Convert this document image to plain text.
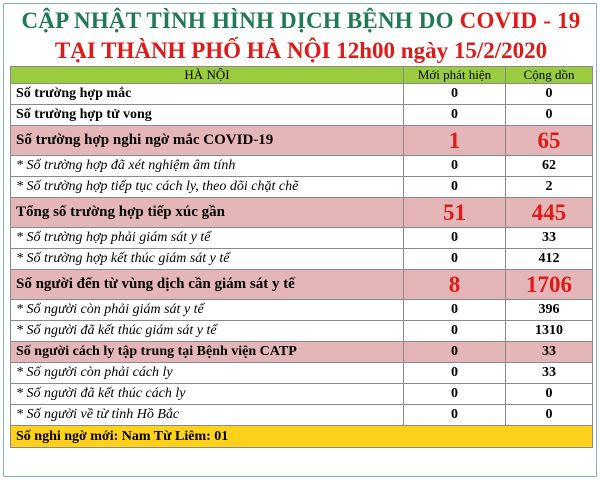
CẬP NHẬT TÌNH HÌNH DỊCH BỆNH DO COVID - 19
TẠI THÀNH PHỐ HÀ NỘI 12h00 ngày 15/2/2020
HÀ NỘI	Mới phát hiện	Cộng dồn
Số trường hợp mắc	0	0
Số trường hợp tử vong	0	0
Số trường hợp nghi ngờ mắc COVID-19	1	65
* Số trường hợp đã xét nghiệm âm tính	0	62
* Số trường hợp tiếp tục cách ly, theo dõi chặt chẽ	0	2
Tổng số trường hợp tiếp xúc gần	51	445
* Số trường hợp phải giám sát y tế	0	33
* Số trường hợp kết thúc giám sát y tế	0	412
Số người đến từ vùng dịch cần giám sát y tế	8	1706
* Số người còn phải giám sát y tế	0	396
* Số người đã kết thúc giám sát y tế	0	1310
Số người cách ly tập trung tại Bệnh viện CATP	0	33
* Số người còn phải cách ly	0	33
* Số người đã kết thúc cách ly	0	0
* Số người về từ tỉnh Hồ Bắc	0	0
Số nghi ngờ mới: Nam Từ Liêm: 01		
